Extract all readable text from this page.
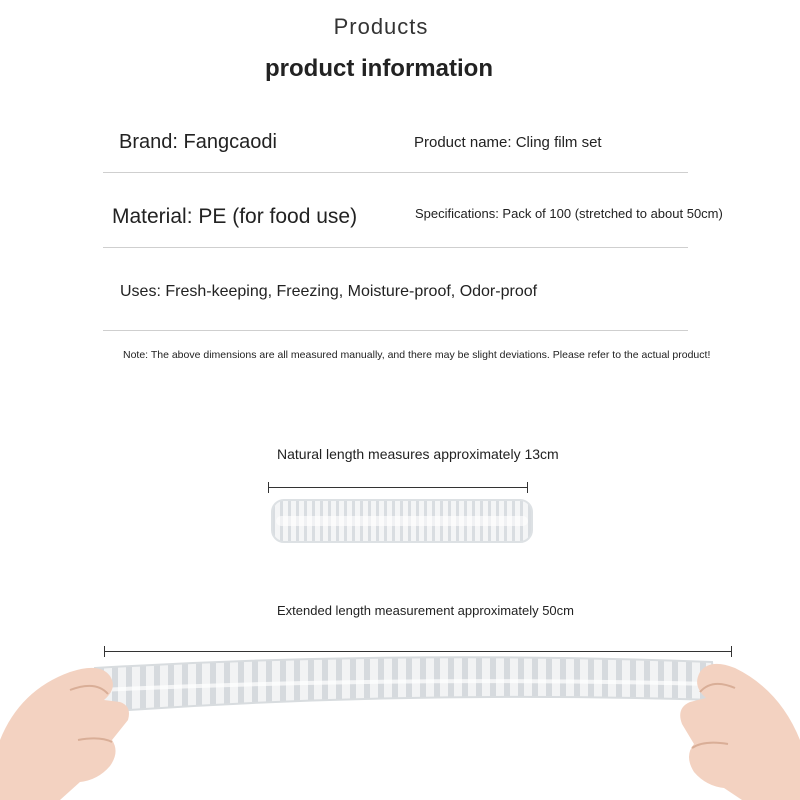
Products
product information
Brand: Fangcaodi	Product name: Cling film set
Material: PE (for food use)	Specifications: Pack of 100 (stretched to about 50cm)
Uses: Fresh-keeping, Freezing, Moisture-proof, Odor-proof
Note: The above dimensions are all measured manually, and there may be slight deviations. Please refer to the actual product!
Natural length measures approximately 13cm
Extended length measurement approximately 50cm
